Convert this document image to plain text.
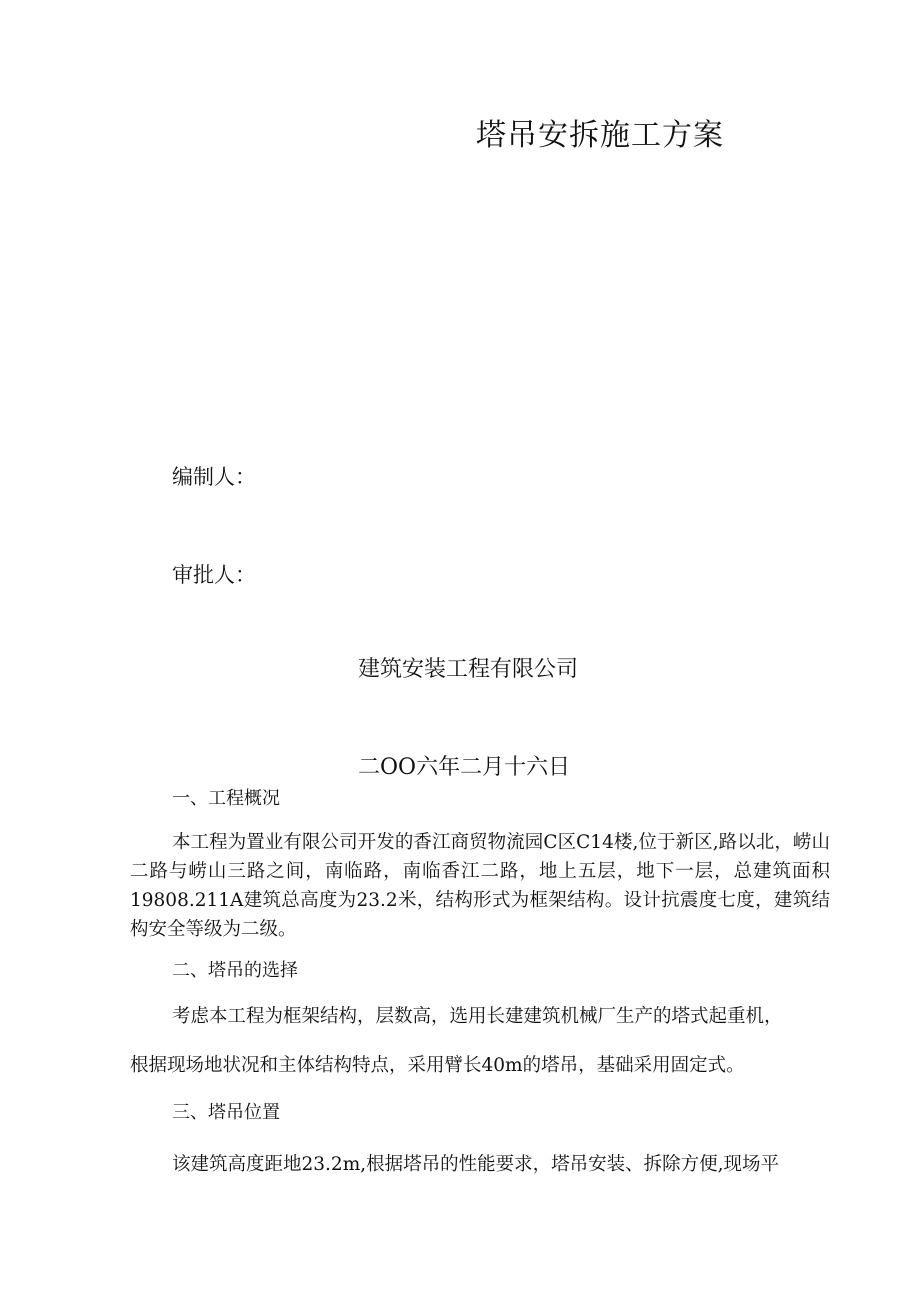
塔吊安拆施工方案
编制人：
审批人：
建筑安装工程有限公司
二OO六年二月十六日
一、工程概况
本工程为置业有限公司开发的香江商贸物流园C区C14楼,位于新区,路以北，崂山二路与崂山三路之间，南临路，南临香江二路，地上五层，地下一层，总建筑面积19808.211A建筑总高度为23.2米，结构形式为框架结构。设计抗震度七度，建筑结构安全等级为二级。
二、塔吊的选择
考虑本工程为框架结构，层数高，选用长建建筑机械厂生产的塔式起重机，
根据现场地状况和主体结构特点，采用臂长40m的塔吊，基础采用固定式。
三、塔吊位置
该建筑高度距地23.2m,根据塔吊的性能要求，塔吊安装、拆除方便,现场平
